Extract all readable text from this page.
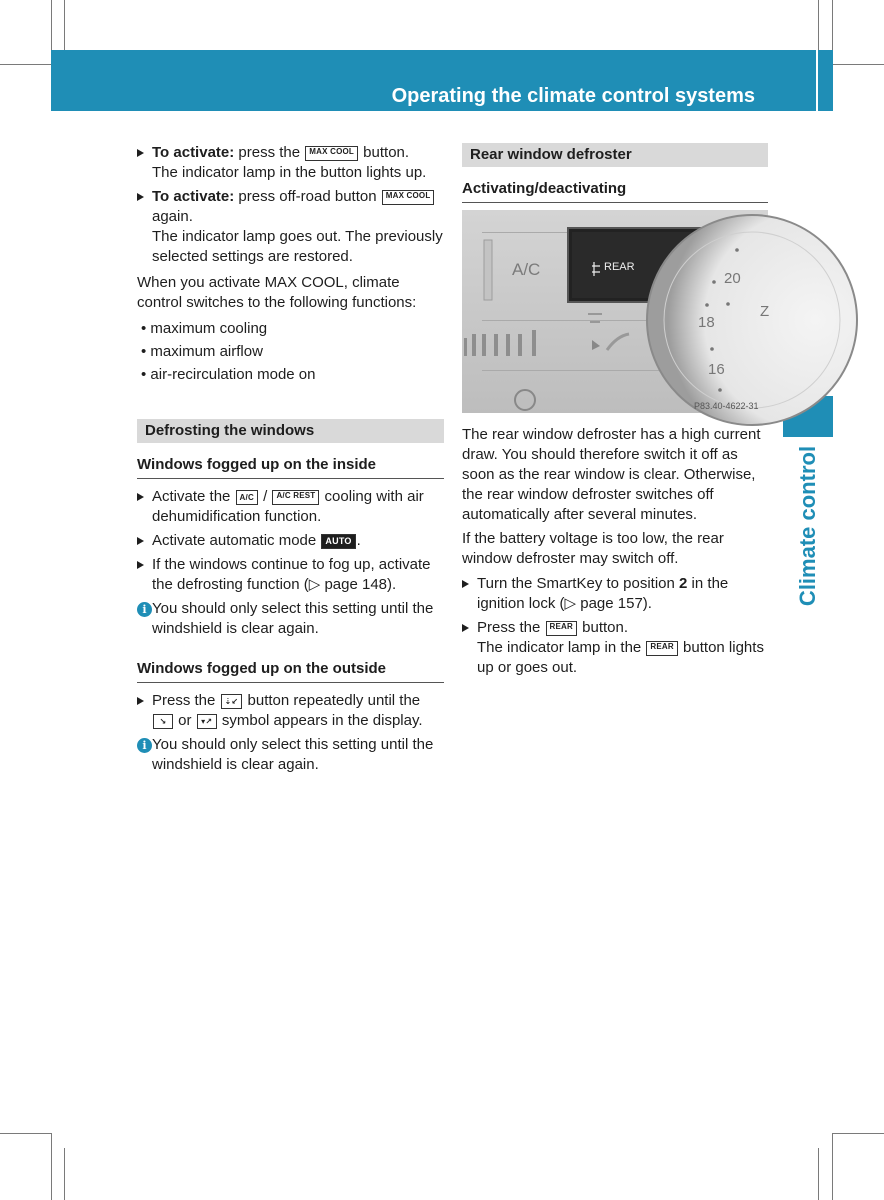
Operating the climate control systems	149
Climate control

To activate: press the MAX COOL button.

The indicator lamp in the button lights up.

To activate: press off-road button MAX COOL again.

The indicator lamp goes out. The previously selected settings are restored.

When you activate MAX COOL, climate control switches to the following functions:

• maximum cooling

• maximum airflow

• air-recirculation mode on

Defrosting the windows
Windows fogged up on the inside

Activate the A/C / A/C REST cooling with air dehumidification function.

Activate automatic mode AUTO .

If the windows continue to fog up, activate the defrosting function (▷ page 148).

i You should only select this setting until the windshield is clear again.

Windows fogged up on the outside

Press the ⇣↙ button repeatedly until the ↘ or ▾↗ symbol appears in the display.

i You should only select this setting until the windshield is clear again.

Rear window defroster
Activating/deactivating
A/C	REAR
20
18
16
Z
P83.40-4622-31

The rear window defroster has a high current draw. You should therefore switch it off as soon as the rear window is clear. Otherwise, the rear window defroster switches off automatically after several minutes.

If the battery voltage is too low, the rear window defroster may switch off.

Turn the SmartKey to position 2 in the ignition lock (▷ page 157).

Press the REAR button.

The indicator lamp in the REAR button lights up or goes out.
